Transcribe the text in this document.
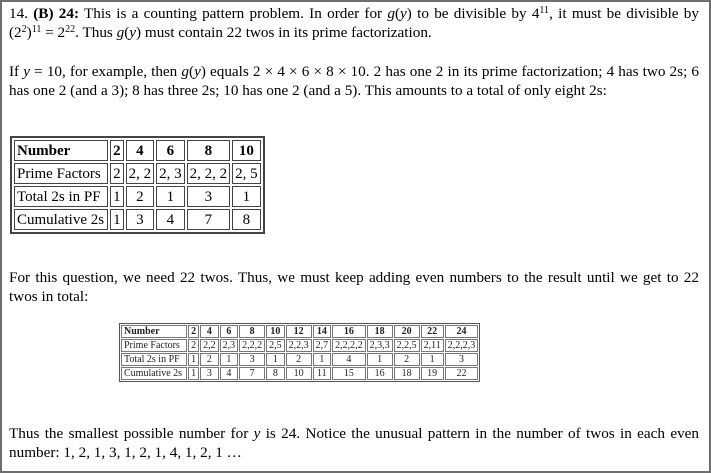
14. (B) 24: This is a counting pattern problem. In order for g(y) to be divisible by $4^{11}$, it must be divisible by $(2^2)^{11} = 2^{22}$. Thus g(y) must contain 22 twos in its prime factorization.
If y = 10, for example, then g(y) equals 2 × 4 × 6 × 8 × 10. 2 has one 2 in its prime factorization; 4 has two 2s; 6 has one 2 (and a 3); 8 has three 2s; 10 has one 2 (and a 5). This amounts to a total of only eight 2s:
Number	2	4	6	8	10
Prime Factors	2	2, 2	2, 3	2, 2, 2	2, 5
Total 2s in PF	1	2	1	3	1
Cumulative 2s	1	3	4	7	8
For this question, we need 22 twos. Thus, we must keep adding even numbers to the result until we get to 22 twos in total:
Number	2	4	6	8	10	12	14	16	18	20	22	24
Prime Factors	2	2,2	2,3	2,2,2	2,5	2,2,3	2,7	2,2,2,2	2,3,3	2,2,5	2,11	2,2,2,3
Total 2s in PF	1	2	1	3	1	2	1	4	1	2	1	3
Cumulative 2s	1	3	4	7	8	10	11	15	16	18	19	22
Thus the smallest possible number for y is 24. Notice the unusual pattern in the number of twos in each even number: 1, 2, 1, 3, 1, 2, 1, 4, 1, 2, 1 …
